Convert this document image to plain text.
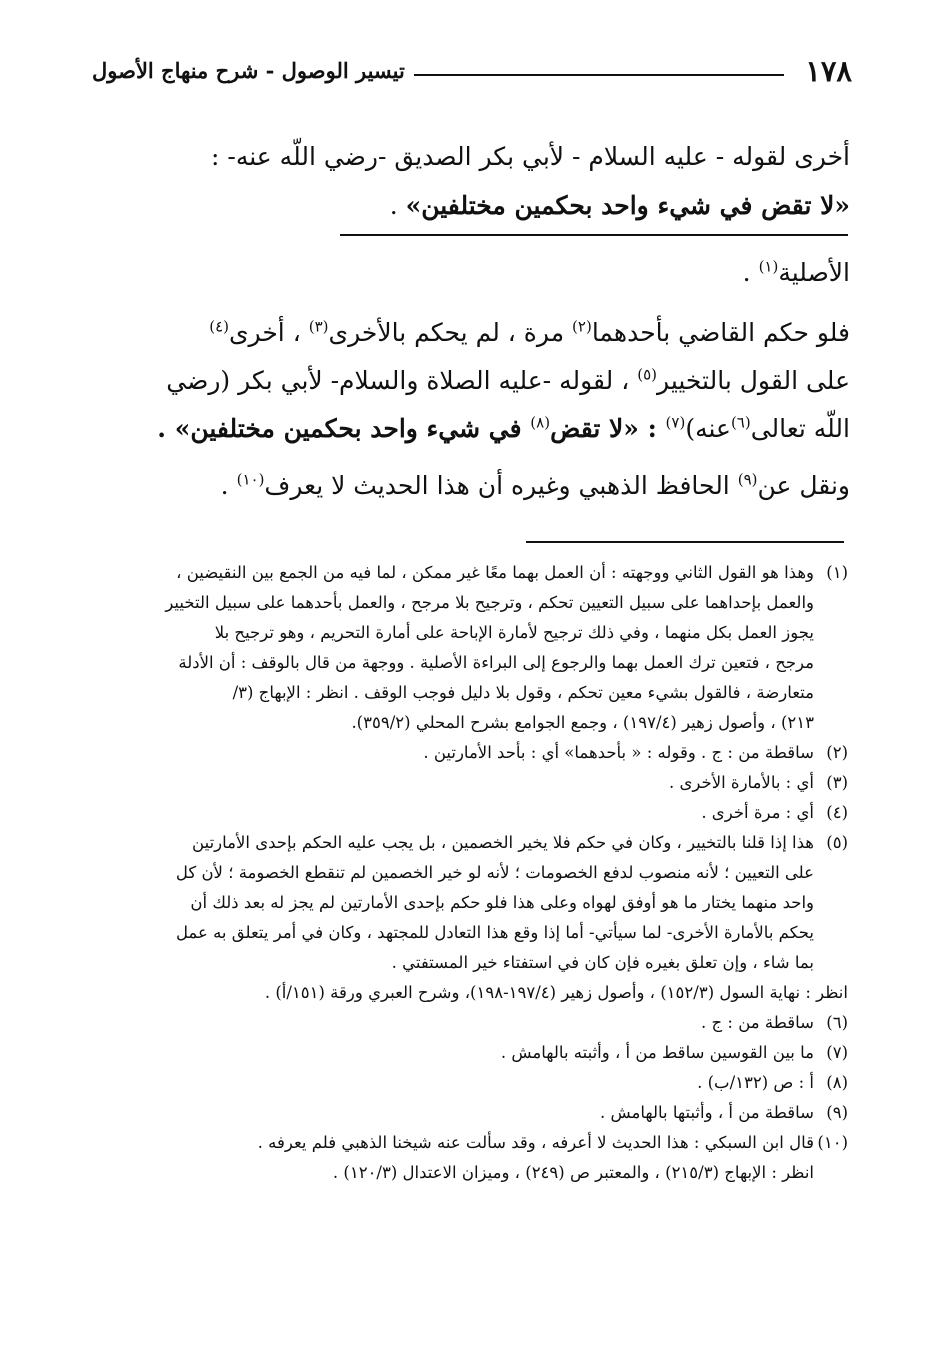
١٧٨
تيسير الوصول - شرح منهاج الأصول
أخرى لقوله - عليه السلام - لأبي بكر الصديق -رضي اللّه عنه- :
«لا تقض في شيء واحد بحكمين مختلفين» .
الأصلية$^{(١)}$ .
فلو حكم القاضي بأحدهما$^{(٢)}$ مرة ، لم يحكم بالأخرى$^{(٣)}$ ، أخرى$^{(٤)}$
على القول بالتخيير$^{(٥)}$ ، لقوله -عليه الصلاة والسلام- لأبي بكر (رضي
اللّه تعالى$^{(٦)}$عنه)$^{(٧)}$ : «لا تقض$^{(٨)}$ في شيء واحد بحكمين مختلفين» .
ونقل عن$^{(٩)}$ الحافظ الذهبي وغيره أن هذا الحديث لا يعرف$^{(١٠)}$ .
(١)
وهذا هو القول الثاني ووجهته : أن العمل بهما معًا غير ممكن ، لما فيه من الجمع بين النقيضين ،
والعمل بإحداهما على سبيل التعيين تحكم ، وترجيح بلا مرجح ، والعمل بأحدهما على سبيل التخيير
يجوز العمل بكل منهما ، وفي ذلك ترجيح لأمارة الإباحة على أمارة التحريم ، وهو ترجيح بلا
مرجح ، فتعين ترك العمل بهما والرجوع إلى البراءة الأصلية . ووجهة من قال بالوقف : أن الأدلة
متعارضة ، فالقول بشيء معين تحكم ، وقول بلا دليل فوجب الوقف . انظر : الإبهاج (٣/
٢١٣) ، وأصول زهير (١٩٧/٤) ، وجمع الجوامع بشرح المحلي (٣٥٩/٢).
(٢)
ساقطة من : ج . وقوله : « بأحدهما» أي : بأحد الأمارتين .
(٣)
أي : بالأمارة الأخرى .
(٤)
أي : مرة أخرى .
(٥)
هذا إذا قلنا بالتخيير ، وكان في حكم فلا يخير الخصمين ، بل يجب عليه الحكم بإحدى الأمارتين
على التعيين ؛ لأنه منصوب لدفع الخصومات ؛ لأنه لو خير الخصمين لم تنقطع الخصومة ؛ لأن كل
واحد منهما يختار ما هو أوفق لهواه وعلى هذا فلو حكم بإحدى الأمارتين لم يجز له بعد ذلك أن
يحكم بالأمارة الأخرى- لما سيأتي- أما إذا وقع هذا التعادل للمجتهد ، وكان في أمر يتعلق به عمل
بما شاء ، وإن تعلق بغيره فإن كان في استفتاء خير المستفتي .
انظر : نهاية السول (١٥٢/٣) ، وأصول زهير (١٩٧/٤-١٩٨)، وشرح العبري ورقة (١٥١/أ) .
(٦)
ساقطة من : ج .
(٧)
ما بين القوسين ساقط من أ ، وأثبته بالهامش .
(٨)
أ : ص (١٣٢/ب) .
(٩)
ساقطة من أ ، وأثبتها بالهامش .
(١٠)
قال ابن السبكي : هذا الحديث لا أعرفه ، وقد سألت عنه شيخنا الذهبي فلم يعرفه .
انظر : الإبهاج (٢١٥/٣) ، والمعتبر ص (٢٤٩) ، وميزان الاعتدال (١٢٠/٣) .
